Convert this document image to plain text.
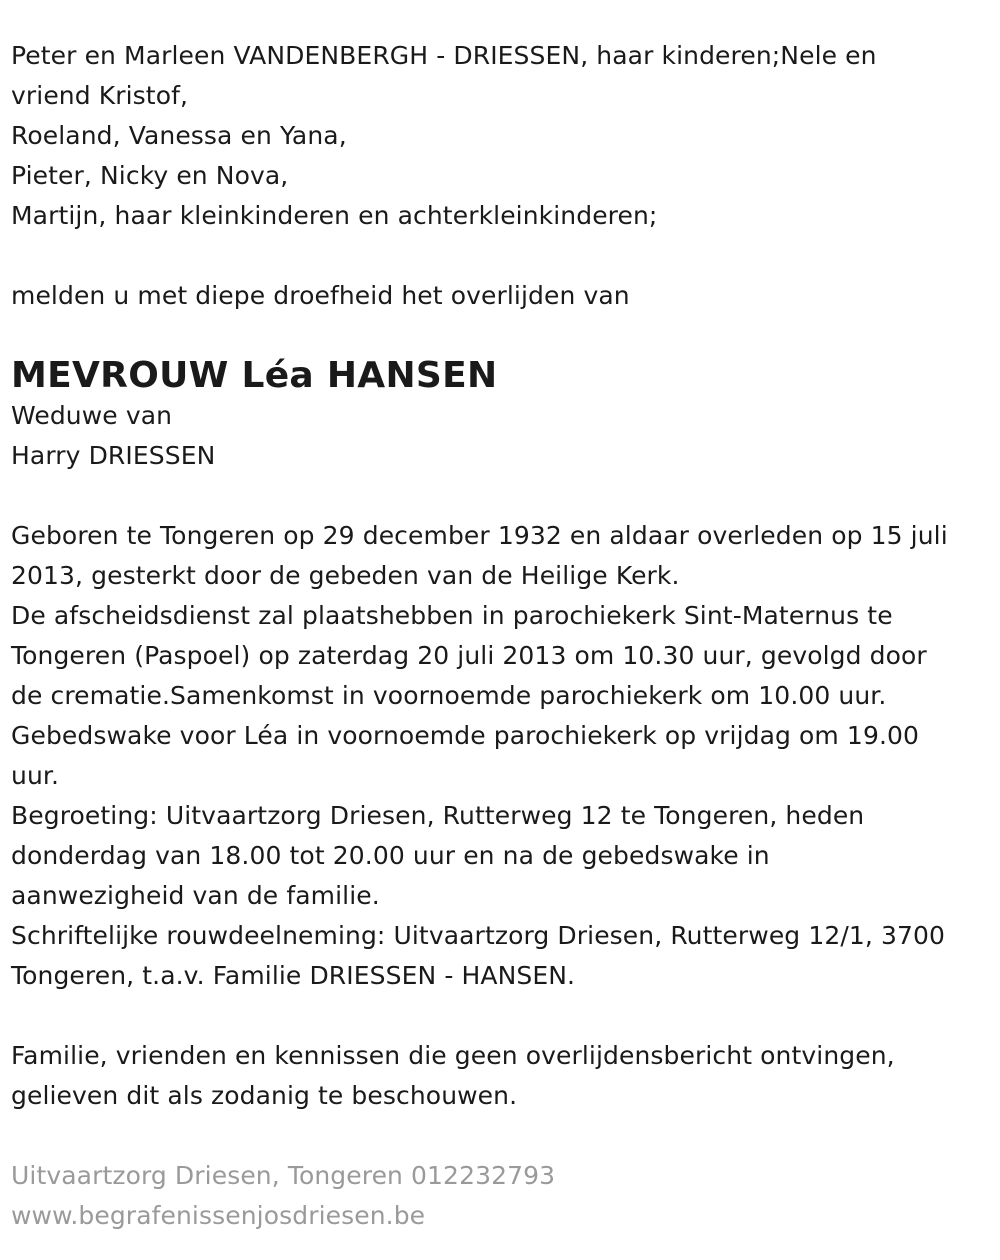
Peter en Marleen VANDENBERGH - DRIESSEN, haar kinderen;Nele en
vriend Kristof,
Roeland, Vanessa en Yana,
Pieter, Nicky en Nova,
Martijn, haar kleinkinderen en achterkleinkinderen;
melden u met diepe droefheid het overlijden van
MEVROUW Léa HANSEN
Weduwe van
Harry DRIESSEN
Geboren te Tongeren op 29 december 1932 en aldaar overleden op 15 juli
2013, gesterkt door de gebeden van de Heilige Kerk.
De afscheidsdienst zal plaatshebben in parochiekerk Sint-Maternus te
Tongeren (Paspoel) op zaterdag 20 juli 2013 om 10.30 uur, gevolgd door
de crematie.Samenkomst in voornoemde parochiekerk om 10.00 uur.
Gebedswake voor Léa in voornoemde parochiekerk op vrijdag om 19.00
uur.
Begroeting: Uitvaartzorg Driesen, Rutterweg 12 te Tongeren, heden
donderdag van 18.00 tot 20.00 uur en na de gebedswake in
aanwezigheid van de familie.
Schriftelijke rouwdeelneming: Uitvaartzorg Driesen, Rutterweg 12/1, 3700
Tongeren, t.a.v. Familie DRIESSEN - HANSEN.
Familie, vrienden en kennissen die geen overlijdensbericht ontvingen,
gelieven dit als zodanig te beschouwen.
Uitvaartzorg Driesen, Tongeren 012232793
www.begrafenissenjosdriesen.be
